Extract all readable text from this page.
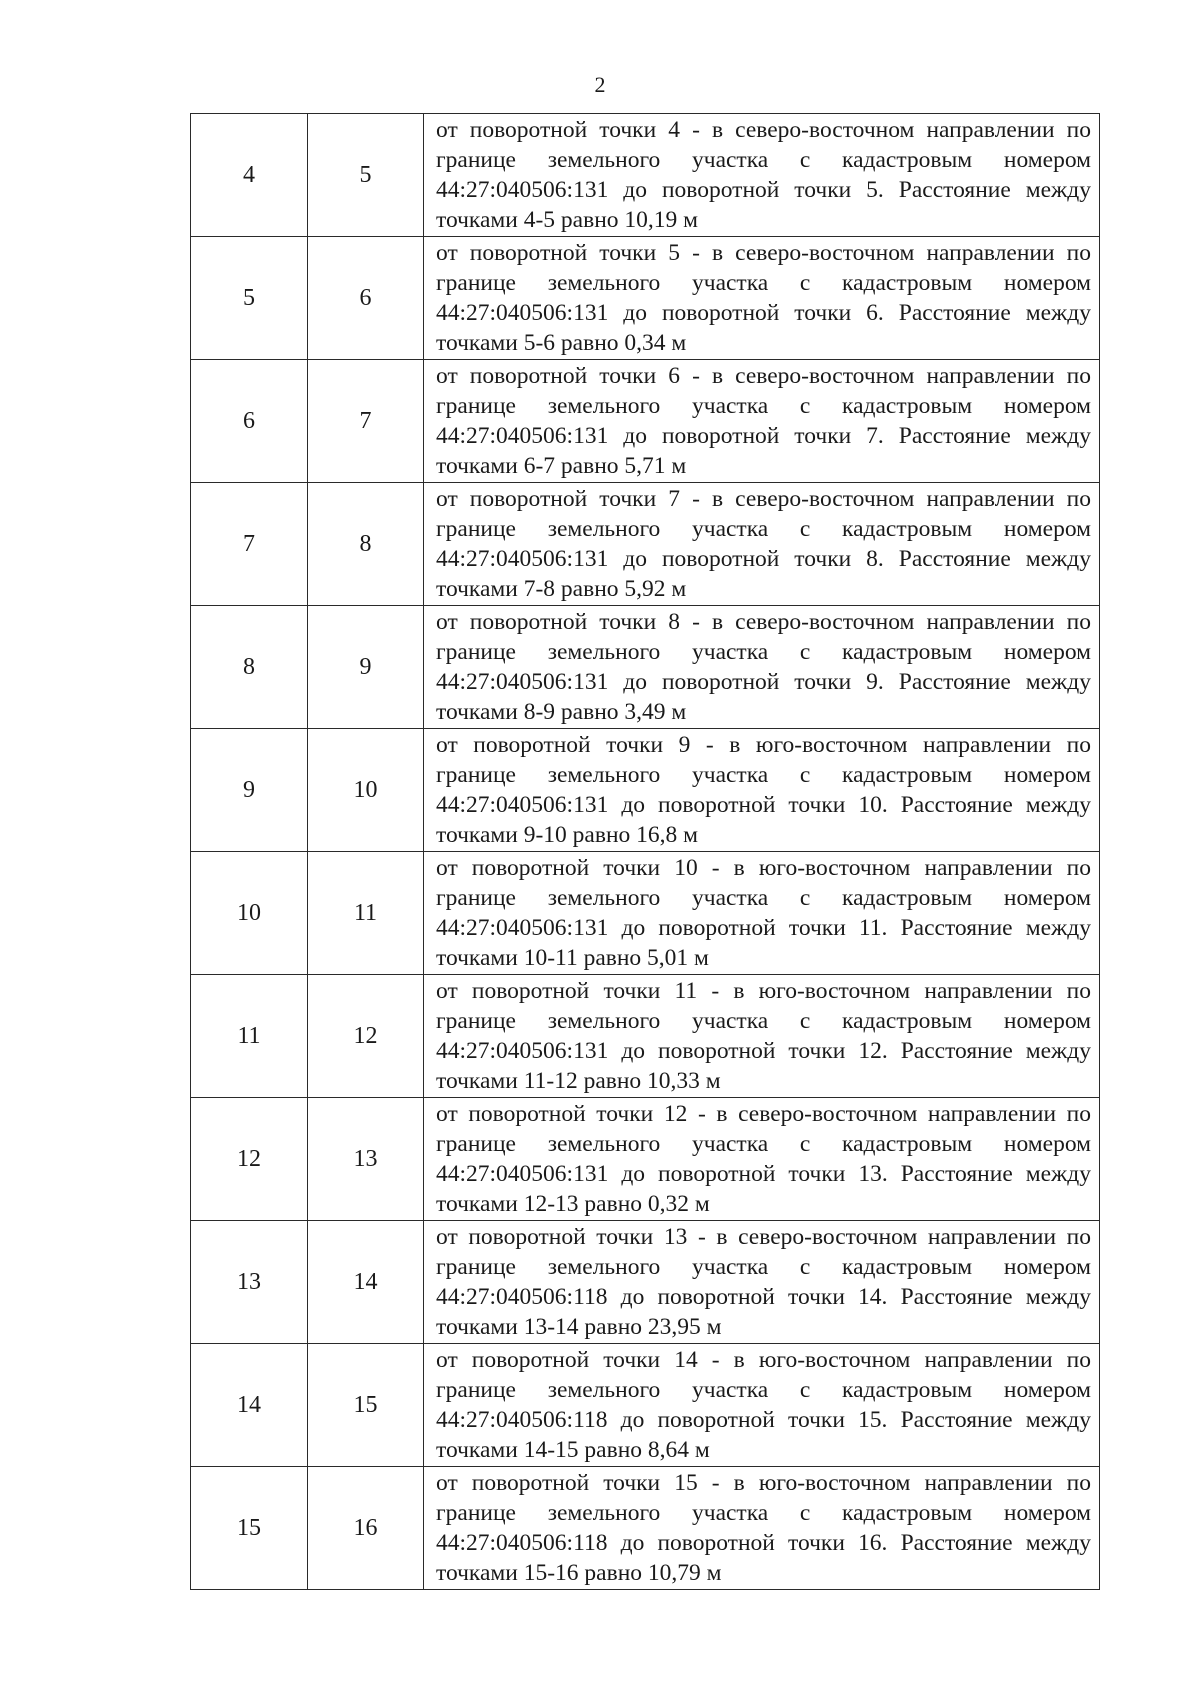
2
4	5	от поворотной точки 4 - в северо-восточном направлении по границе земельного участка с кадастровым номером 44:27:040506:131 до поворотной точки 5. Расстояние между точками 4-5 равно 10,19 м

5	6	от поворотной точки 5 - в северо-восточном направлении по границе земельного участка с кадастровым номером 44:27:040506:131 до поворотной точки 6. Расстояние между точками 5-6 равно 0,34 м

6	7	от поворотной точки 6 - в северо-восточном направлении по границе земельного участка с кадастровым номером 44:27:040506:131 до поворотной точки 7. Расстояние между точками 6-7 равно 5,71 м

7	8	от поворотной точки 7 - в северо-восточном направлении по границе земельного участка с кадастровым номером 44:27:040506:131 до поворотной точки 8. Расстояние между точками 7-8 равно 5,92 м

8	9	от поворотной точки 8 - в северо-восточном направлении по границе земельного участка с кадастровым номером 44:27:040506:131 до поворотной точки 9. Расстояние между точками 8-9 равно 3,49 м

9	10	от поворотной точки 9 - в юго-восточном направлении по границе земельного участка с кадастровым номером 44:27:040506:131 до поворотной точки 10. Расстояние между точками 9-10 равно 16,8 м

10	11	от поворотной точки 10 - в юго-восточном направлении по границе земельного участка с кадастровым номером 44:27:040506:131 до поворотной точки 11. Расстояние между точками 10-11 равно 5,01 м

11	12	от поворотной точки 11 - в юго-восточном направлении по границе земельного участка с кадастровым номером 44:27:040506:131 до поворотной точки 12. Расстояние между точками 11-12 равно 10,33 м

12	13	от поворотной точки 12 - в северо-восточном направлении по границе земельного участка с кадастровым номером 44:27:040506:131 до поворотной точки 13. Расстояние между точками 12-13 равно 0,32 м

13	14	от поворотной точки 13 - в северо-восточном направлении по границе земельного участка с кадастровым номером 44:27:040506:118 до поворотной точки 14. Расстояние между точками 13-14 равно 23,95 м

14	15	от поворотной точки 14 - в юго-восточном направлении по границе земельного участка с кадастровым номером 44:27:040506:118 до поворотной точки 15. Расстояние между точками 14-15 равно 8,64 м

15	16	от поворотной точки 15 - в юго-восточном направлении по границе земельного участка с кадастровым номером 44:27:040506:118 до поворотной точки 16. Расстояние между точками 15-16 равно 10,79 м
